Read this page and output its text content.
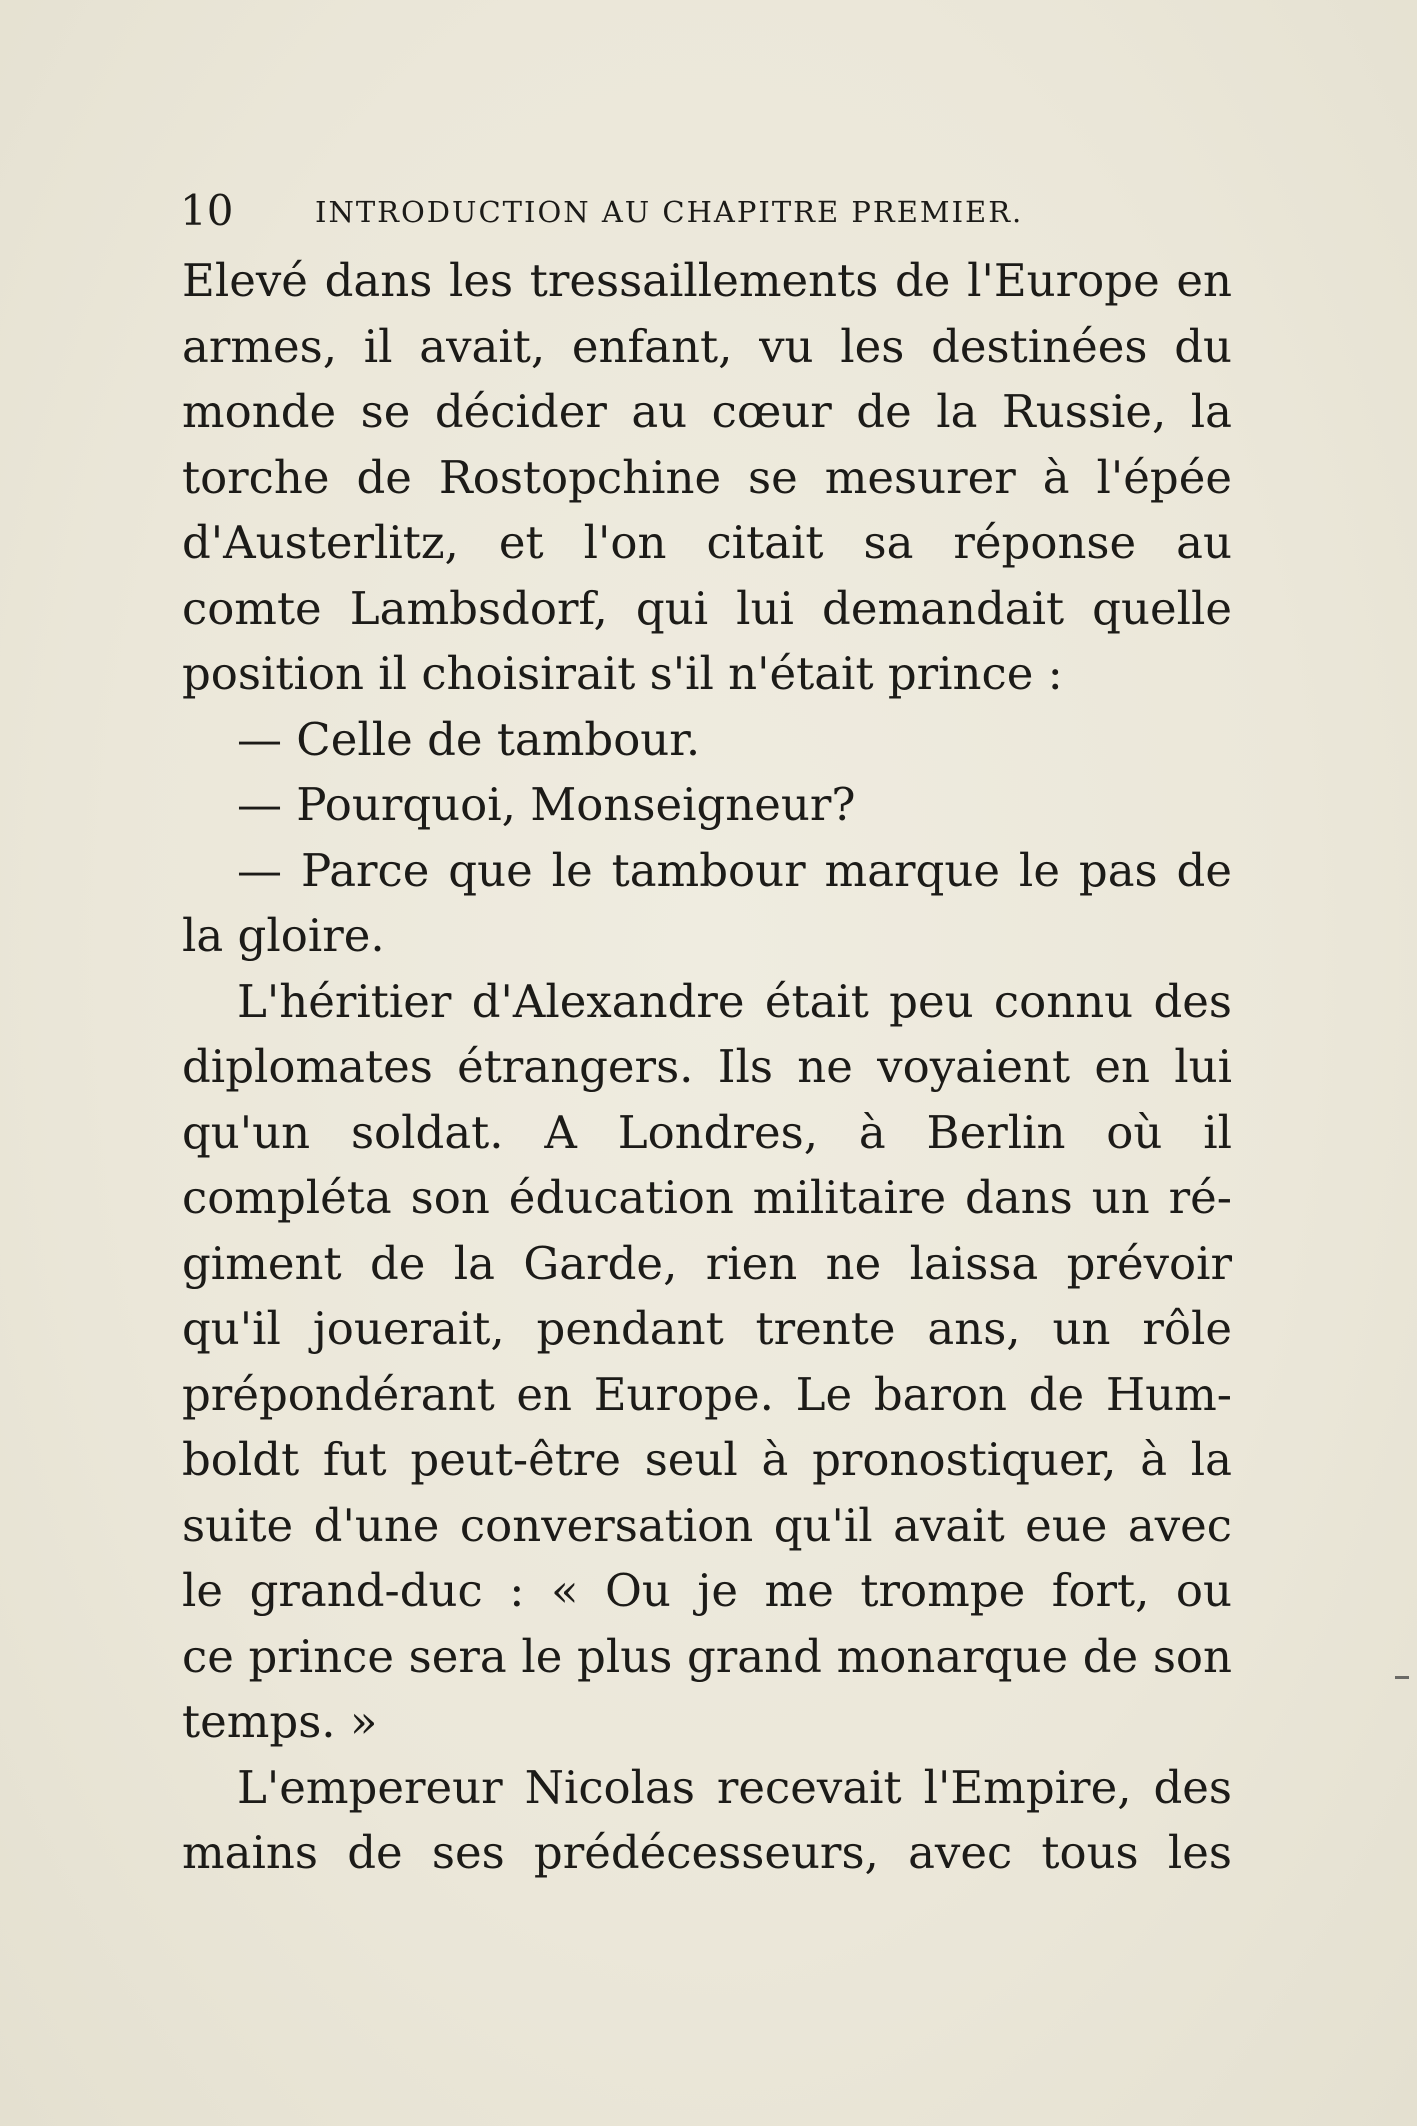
10	INTRODUCTION AU CHAPITRE PREMIER.
Elevé dans les tressaillements de l'Europe en
armes, il avait, enfant, vu les destinées du
monde se décider au cœur de la Russie, la
torche de Rostopchine se mesurer à l'épée
d'Austerlitz, et l'on citait sa réponse au
comte Lambsdorf, qui lui demandait quelle
position il choisirait s'il n'était prince :
— Celle de tambour.
— Pourquoi, Monseigneur?
— Parce que le tambour marque le pas de
la gloire.
L'héritier d'Alexandre était peu connu des
diplomates étrangers. Ils ne voyaient en lui
qu'un soldat. A Londres, à Berlin où il
compléta son éducation militaire dans un ré-
giment de la Garde, rien ne laissa prévoir
qu'il jouerait, pendant trente ans, un rôle
prépondérant en Europe. Le baron de Hum-
boldt fut peut-être seul à pronostiquer, à la
suite d'une conversation qu'il avait eue avec
le grand-duc : « Ou je me trompe fort, ou
ce prince sera le plus grand monarque de son
temps. »
L'empereur Nicolas recevait l'Empire, des
mains de ses prédécesseurs, avec tous les
